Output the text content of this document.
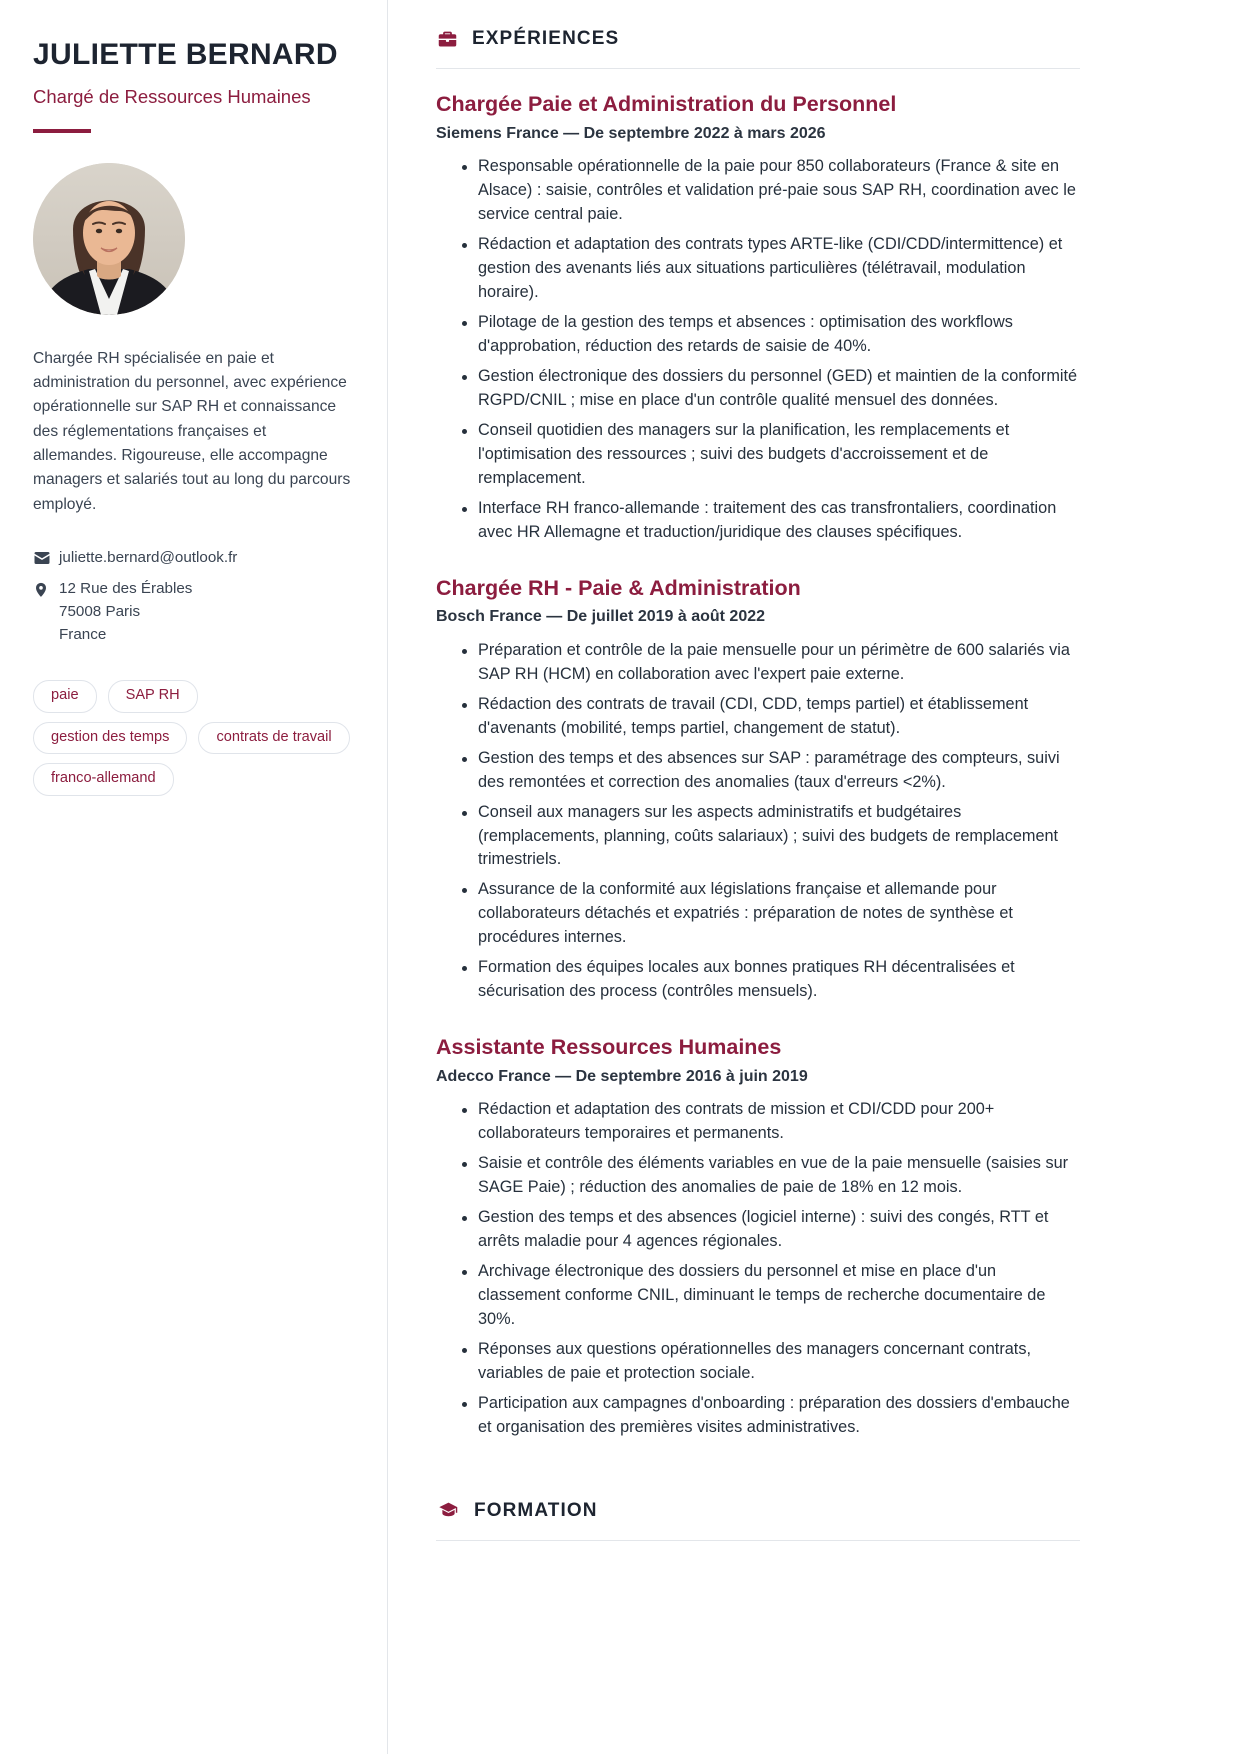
JULIETTE BERNARD
Chargé de Ressources Humaines

Chargée RH spécialisée en paie et administration du personnel, avec expérience opérationnelle sur SAP RH et connaissance des réglementations françaises et allemandes. Rigoureuse, elle accompagne managers et salariés tout au long du parcours employé.

juliette.bernard@outlook.fr
12 Rue des Érables
75008 Paris
France
paie	SAP RH
gestion des temps	contrats de travail
franco-allemand
EXPÉRIENCES
Chargée Paie et Administration du Personnel
Siemens France — De septembre 2022 à mars 2026
Responsable opérationnelle de la paie pour 850 collaborateurs (France & site en Alsace) : saisie, contrôles et validation pré-paie sous SAP RH, coordination avec le service central paie.
Rédaction et adaptation des contrats types ARTE-like (CDI/CDD/intermittence) et gestion des avenants liés aux situations particulières (télétravail, modulation horaire).
Pilotage de la gestion des temps et absences : optimisation des workflows d'approbation, réduction des retards de saisie de 40%.
Gestion électronique des dossiers du personnel (GED) et maintien de la conformité RGPD/CNIL ; mise en place d'un contrôle qualité mensuel des données.
Conseil quotidien des managers sur la planification, les remplacements et l'optimisation des ressources ; suivi des budgets d'accroissement et de remplacement.
Interface RH franco-allemande : traitement des cas transfrontaliers, coordination avec HR Allemagne et traduction/juridique des clauses spécifiques.
Chargée RH - Paie & Administration
Bosch France — De juillet 2019 à août 2022
Préparation et contrôle de la paie mensuelle pour un périmètre de 600 salariés via SAP RH (HCM) en collaboration avec l'expert paie externe.
Rédaction des contrats de travail (CDI, CDD, temps partiel) et établissement d'avenants (mobilité, temps partiel, changement de statut).
Gestion des temps et des absences sur SAP : paramétrage des compteurs, suivi des remontées et correction des anomalies (taux d'erreurs <2%).
Conseil aux managers sur les aspects administratifs et budgétaires (remplacements, planning, coûts salariaux) ; suivi des budgets de remplacement trimestriels.
Assurance de la conformité aux législations française et allemande pour collaborateurs détachés et expatriés : préparation de notes de synthèse et procédures internes.
Formation des équipes locales aux bonnes pratiques RH décentralisées et sécurisation des process (contrôles mensuels).
Assistante Ressources Humaines
Adecco France — De septembre 2016 à juin 2019
Rédaction et adaptation des contrats de mission et CDI/CDD pour 200+ collaborateurs temporaires et permanents.
Saisie et contrôle des éléments variables en vue de la paie mensuelle (saisies sur SAGE Paie) ; réduction des anomalies de paie de 18% en 12 mois.
Gestion des temps et des absences (logiciel interne) : suivi des congés, RTT et arrêts maladie pour 4 agences régionales.
Archivage électronique des dossiers du personnel et mise en place d'un classement conforme CNIL, diminuant le temps de recherche documentaire de 30%.
Réponses aux questions opérationnelles des managers concernant contrats, variables de paie et protection sociale.
Participation aux campagnes d'onboarding : préparation des dossiers d'embauche et organisation des premières visites administratives.
FORMATION
